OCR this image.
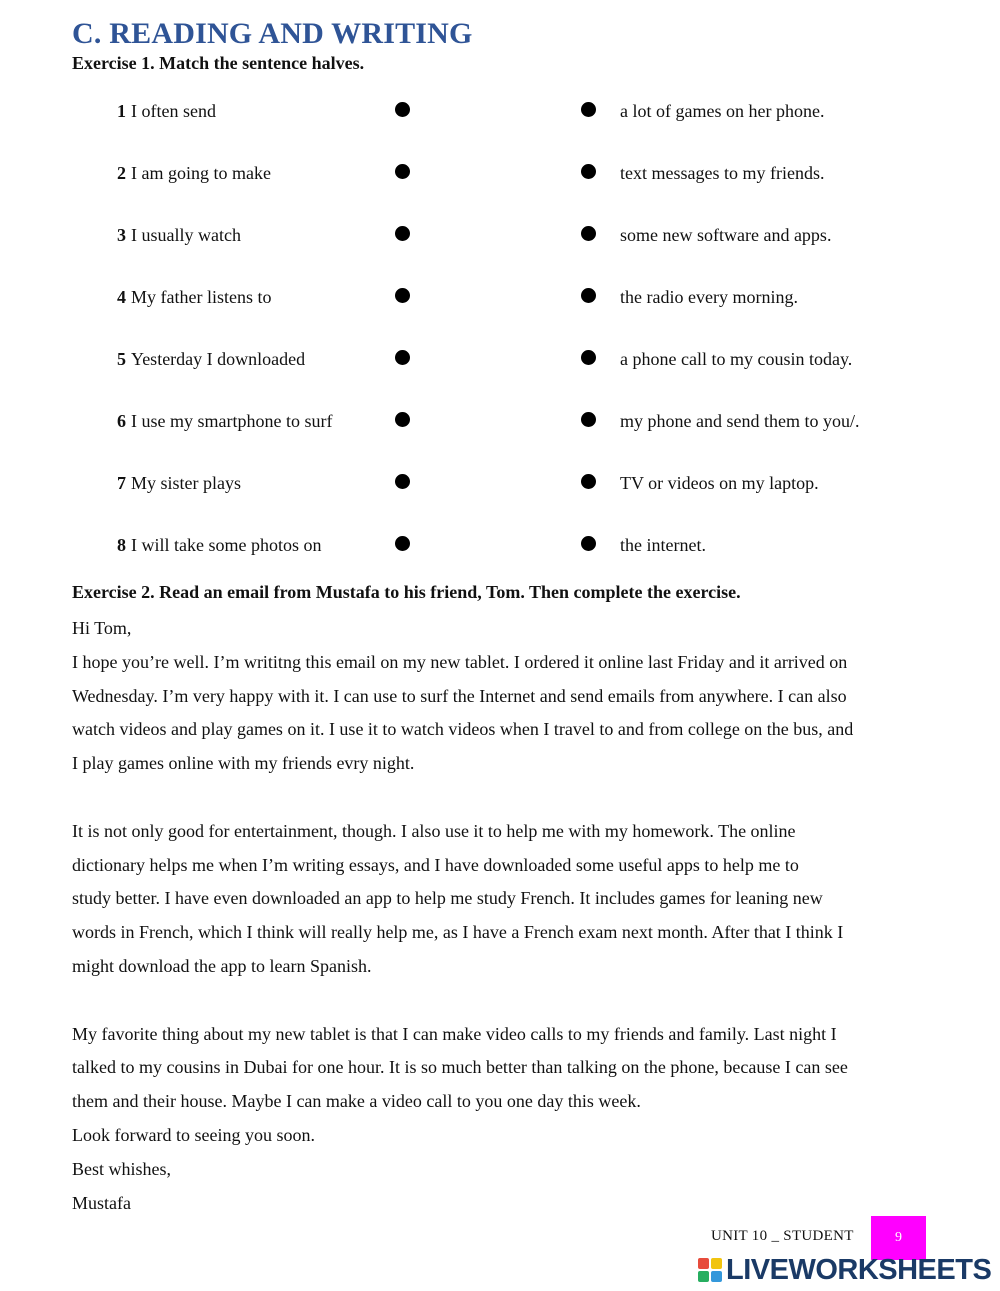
C. READING AND WRITING
Exercise 1. Match the sentence halves.
1 I often send	a lot of games on her phone.
2 I am going to make	text messages to my friends.
3 I usually watch	some new software and apps.
4 My father listens to	the radio every morning.
5 Yesterday I downloaded	a phone call to my cousin today.
6 I use my smartphone to surf	my phone and send them to you/.
7 My sister plays	TV or videos on my laptop.
8 I will take some photos on	the internet.
Exercise 2. Read an email from Mustafa to his friend, Tom. Then complete the exercise.

Hi Tom,

I hope you’re well. I’m writitng this email on my new tablet. I ordered it online last Friday and it arrived on

Wednesday. I’m very happy with it. I can use to surf the Internet and send emails from anywhere. I can also

watch videos and play games on it. I use it to watch videos when I travel to and from college on the bus, and

I play games online with my friends evry night.

It is not only good for entertainment, though. I also use it to help me with my homework. The online

dictionary helps me when I’m writing essays, and I have downloaded some useful apps to help me to

study better. I have even downloaded an app to help me study French. It includes games for leaning new

words in French, which I think will really help me, as I have a French exam next month. After that I think I

might download the app to learn Spanish.

My favorite thing about my new tablet is that I can make video calls to my friends and family. Last night I

talked to my cousins in Dubai for one hour. It is so much better than talking on the phone, because I can see

them and their house. Maybe I can make a video call to you one day this week.

Look forward to seeing you soon.

Best whishes,

Mustafa

UNIT 10 _ STUDENT	9
LIVEWORKSHEETS
